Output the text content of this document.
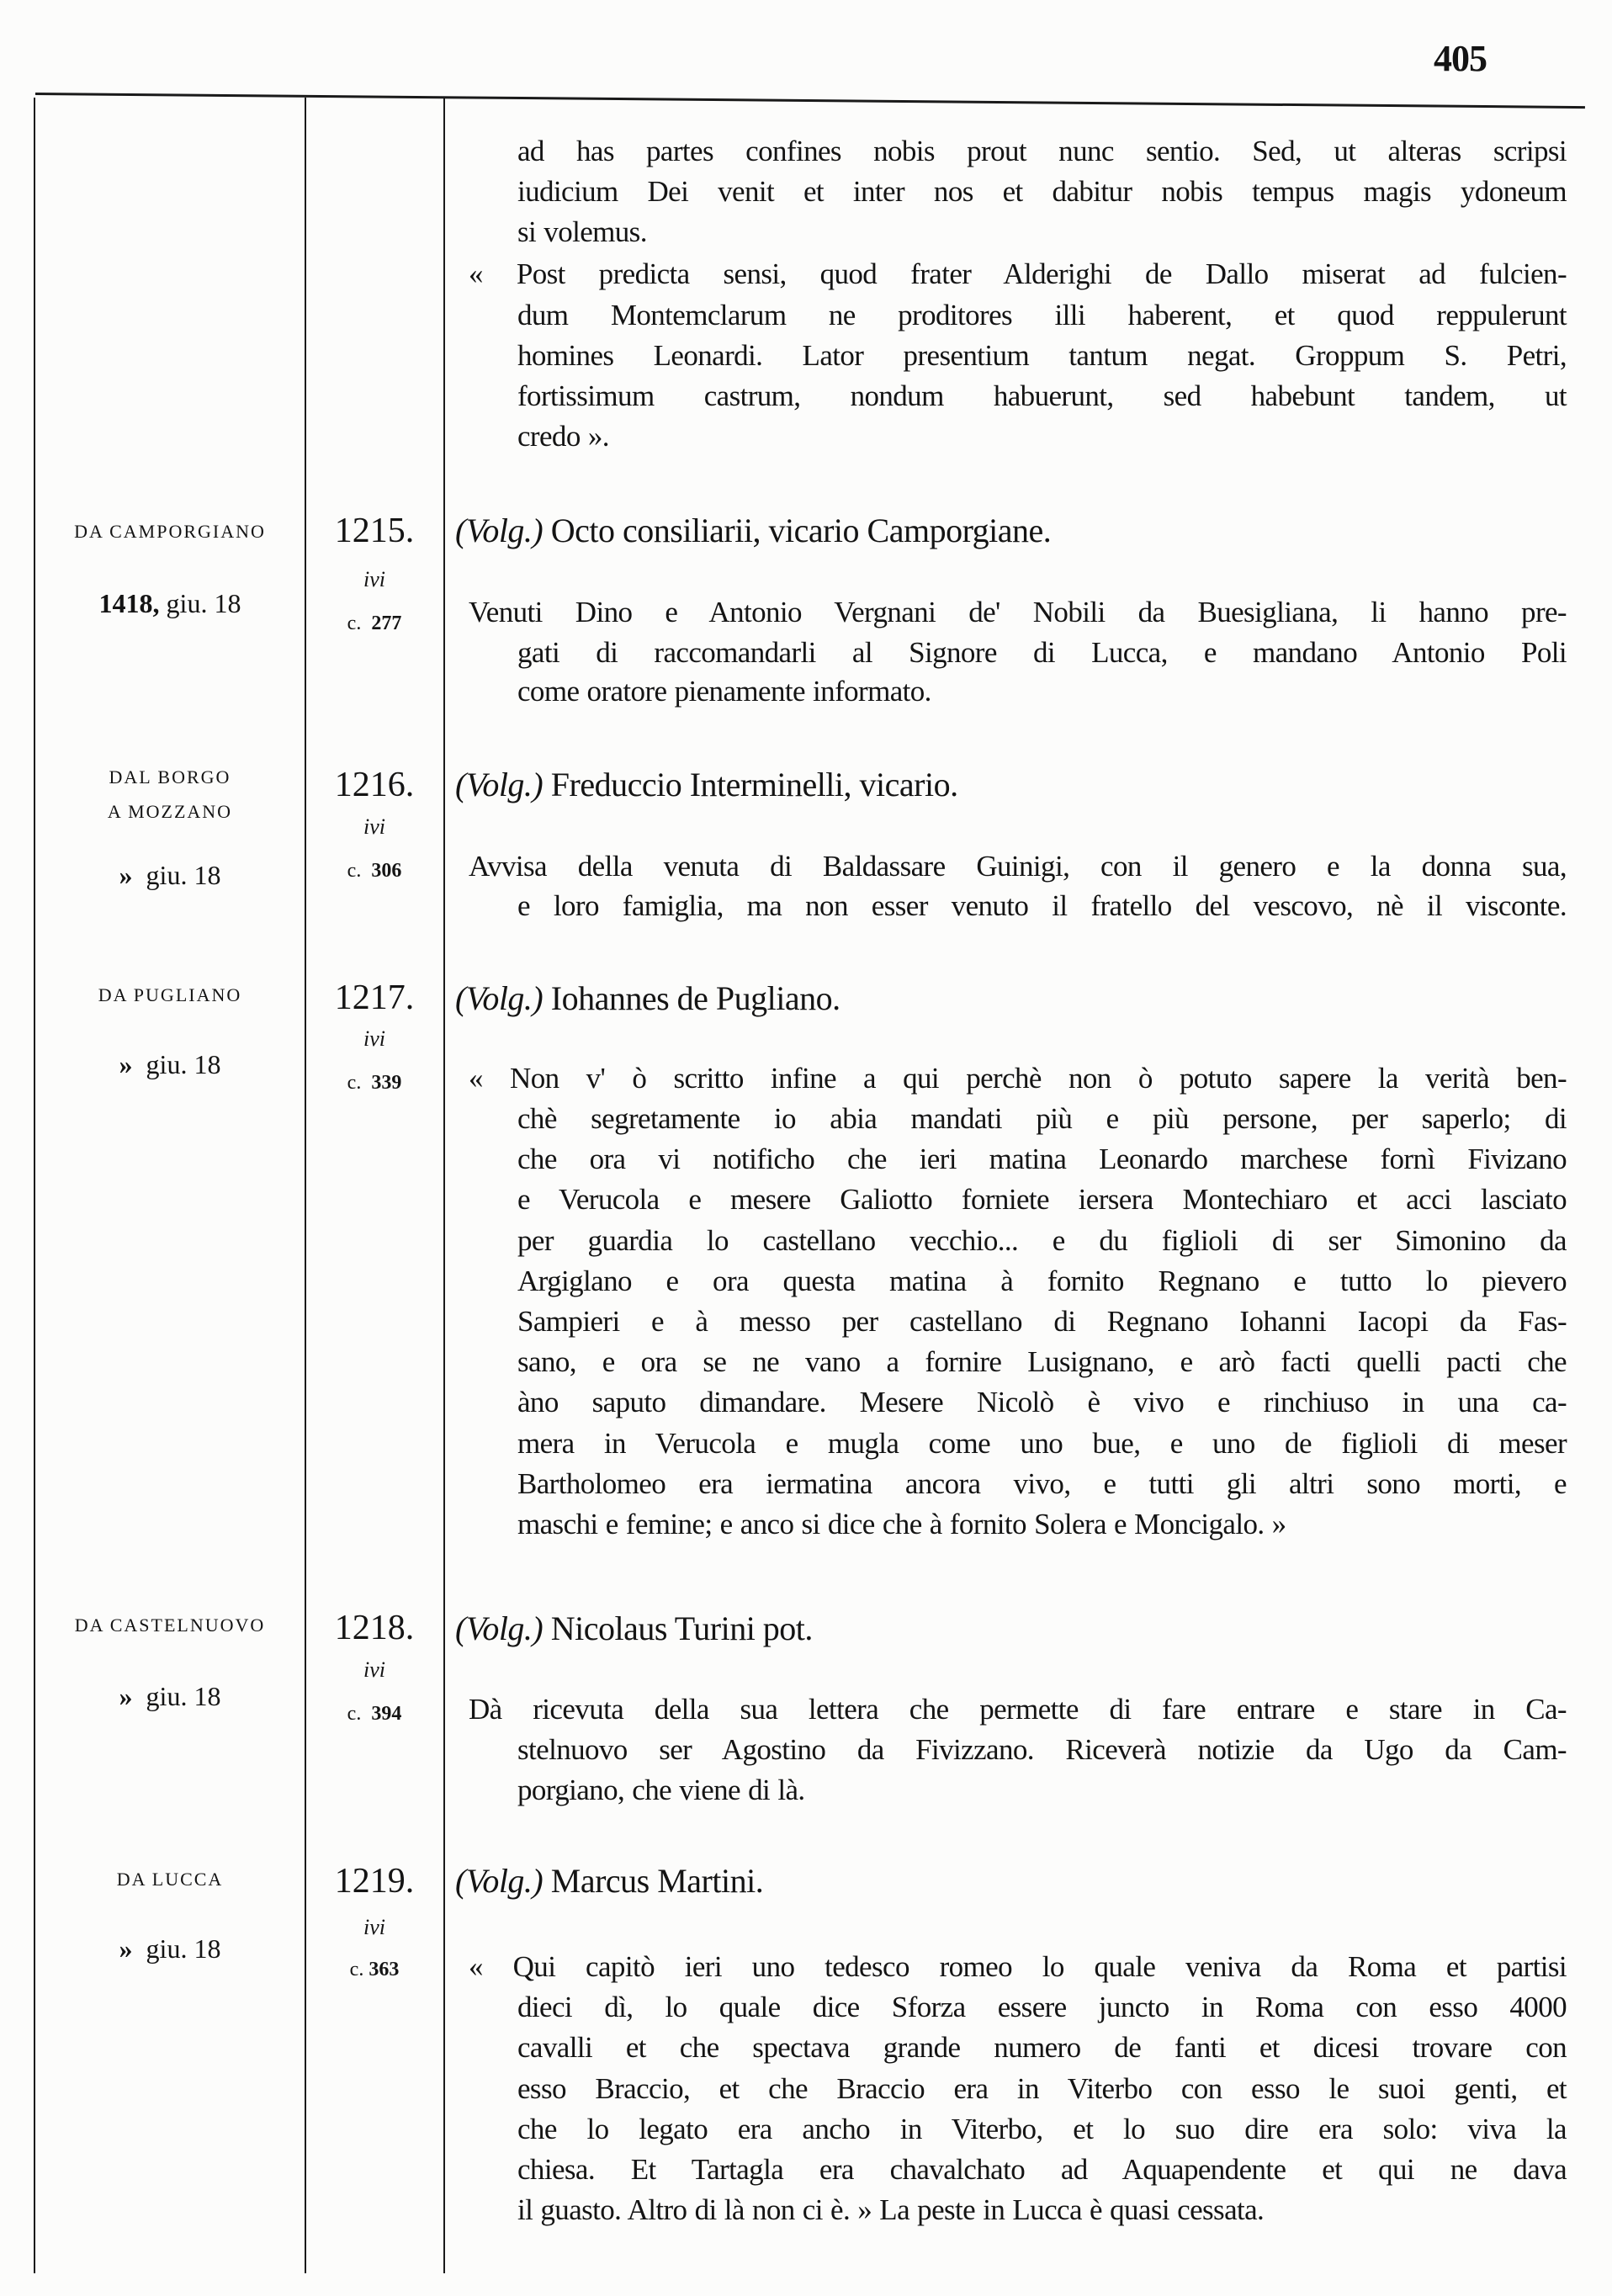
405
ad has partes confines nobis prout nunc sentio. Sed, ut alteras scripsi
iudicium Dei venit et inter nos et dabitur nobis tempus magis ydoneum
si volemus.
« Post predicta sensi, quod frater Alderighi de Dallo miserat ad fulcien-
dum Montemclarum ne proditores illi haberent, et quod reppulerunt
homines Leonardi. Lator presentium tantum negat. Groppum S. Petri,
fortissimum castrum, nondum habuerunt, sed habebunt tandem, ut
credo ».
DA CAMPORGIANO
1418, giu. 18
1215.
ivi
c. 277
(Volg.) Octo consiliarii, vicario Camporgiane.
Venuti Dino e Antonio Vergnani de' Nobili da Buesigliana, li hanno pre-
gati di raccomandarli al Signore di Lucca, e mandano Antonio Poli
come oratore pienamente informato.
DAL BORGO
A MOZZANO
» giu. 18
1216.
ivi
c. 306
(Volg.) Freduccio Interminelli, vicario.
Avvisa della venuta di Baldassare Guinigi, con il genero e la donna sua,
e loro famiglia, ma non esser venuto il fratello del vescovo, nè il visconte.
DA PUGLIANO
» giu. 18
1217.
ivi
c. 339
(Volg.) Iohannes de Pugliano.
« Non v' ò scritto infine a qui perchè non ò potuto sapere la verità ben-
chè segretamente io abia mandati più e più persone, per saperlo; di
che ora vi notificho che ieri matina Leonardo marchese fornì Fivizano
e Verucola e mesere Galiotto forniete iersera Montechiaro et acci lasciato
per guardia lo castellano vecchio... e du figlioli di ser Simonino da
Argiglano e ora questa matina à fornito Regnano e tutto lo pievero
Sampieri e à messo per castellano di Regnano Iohanni Iacopi da Fas-
sano, e ora se ne vano a fornire Lusignano, e arò facti quelli pacti che
àno saputo dimandare. Mesere Nicolò è vivo e rinchiuso in una ca-
mera in Verucola e mugla come uno bue, e uno de figlioli di meser
Bartholomeo era iermatina ancora vivo, e tutti gli altri sono morti, e
maschi e femine; e anco si dice che à fornito Solera e Moncigalo. »
DA CASTELNUOVO
» giu. 18
1218.
ivi
c. 394
(Volg.) Nicolaus Turini pot.
Dà ricevuta della sua lettera che permette di fare entrare e stare in Ca-
stelnuovo ser Agostino da Fivizzano. Riceverà notizie da Ugo da Cam-
porgiano, che viene di là.
DA LUCCA
» giu. 18
1219.
ivi
c. 363
(Volg.) Marcus Martini.
« Qui capitò ieri uno tedesco romeo lo quale veniva da Roma et partisi
dieci dì, lo quale dice Sforza essere juncto in Roma con esso 4000
cavalli et che spectava grande numero de fanti et dicesi trovare con
esso Braccio, et che Braccio era in Viterbo con esso le suoi genti, et
che lo legato era ancho in Viterbo, et lo suo dire era solo: viva la
chiesa. Et Tartagla era chavalchato ad Aquapendente et qui ne dava
il guasto. Altro di là non ci è. » La peste in Lucca è quasi cessata.
